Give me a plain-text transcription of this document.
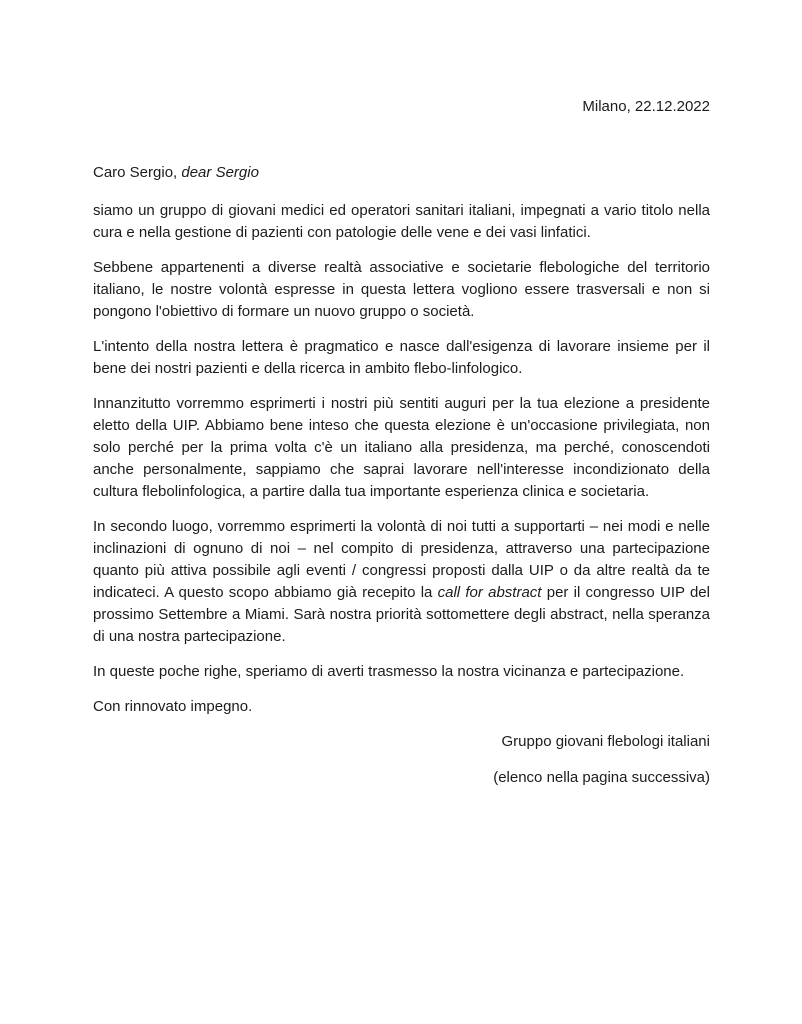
Milano, 22.12.2022

Caro Sergio, dear Sergio

siamo un gruppo di giovani medici ed operatori sanitari italiani, impegnati a vario titolo nella cura e nella gestione di pazienti con patologie delle vene e dei vasi linfatici.

Sebbene appartenenti a diverse realtà associative e societarie flebologiche del territorio italiano, le nostre volontà espresse in questa lettera vogliono essere trasversali e non si pongono l'obiettivo di formare un nuovo gruppo o società.

L'intento della nostra lettera è pragmatico e nasce dall'esigenza di lavorare insieme per il bene dei nostri pazienti e della ricerca in ambito flebo-linfologico.

Innanzitutto vorremmo esprimerti i nostri più sentiti auguri per la tua elezione a presidente eletto della UIP. Abbiamo bene inteso che questa elezione è un'occasione privilegiata, non solo perché per la prima volta c'è un italiano alla presidenza, ma perché, conoscendoti anche personalmente, sappiamo che saprai lavorare nell'interesse incondizionato della cultura flebolinfologica, a partire dalla tua importante esperienza clinica e societaria.

In secondo luogo, vorremmo esprimerti la volontà di noi tutti a supportarti – nei modi e nelle inclinazioni di ognuno di noi – nel compito di presidenza, attraverso una partecipazione quanto più attiva possibile agli eventi / congressi proposti dalla UIP o da altre realtà da te indicateci. A questo scopo abbiamo già recepito la call for abstract per il congresso UIP del prossimo Settembre a Miami. Sarà nostra priorità sottomettere degli abstract, nella speranza di una nostra partecipazione.

In queste poche righe, speriamo di averti trasmesso la nostra vicinanza e partecipazione.

Con rinnovato impegno.

Gruppo giovani flebologi italiani

(elenco nella pagina successiva)
